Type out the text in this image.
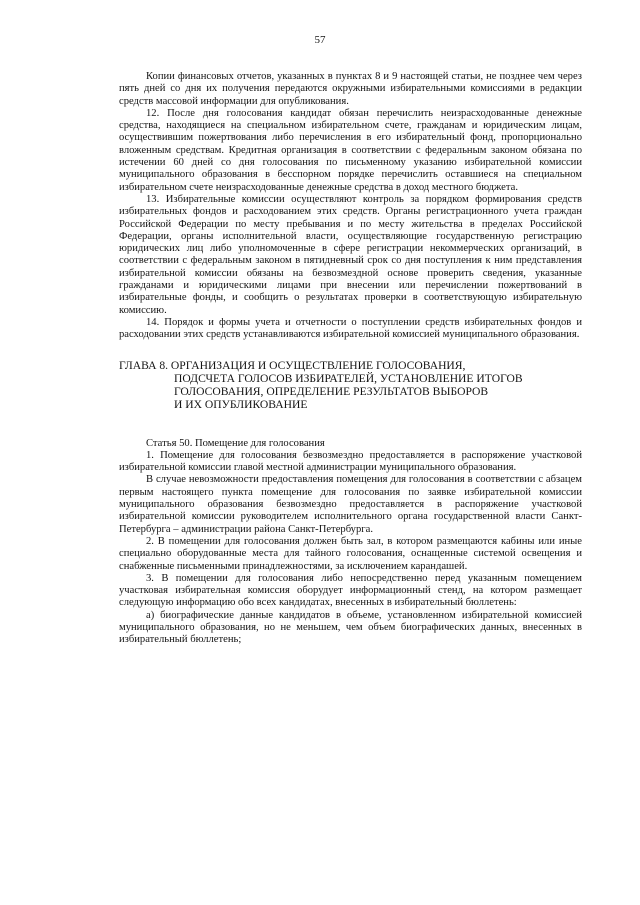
57

Копии финансовых отчетов, указанных в пунктах 8 и 9 настоящей статьи, не позднее чем через пять дней со дня их получения передаются окружными избирательными комиссиями в редакции средств массовой информации для опубликования.

12. После дня голосования кандидат обязан перечислить неизрасходованные денежные средства, находящиеся на специальном избирательном счете, гражданам и юридическим лицам, осуществившим пожертвования либо перечисления в его избирательный фонд, пропорционально вложенным средствам. Кредитная организация в соответствии с федеральным законом обязана по истечении 60 дней со дня голосования по письменному указанию избирательной комиссии муниципального образования в бесспорном порядке перечислить оставшиеся на специальном избирательном счете неизрасходованные денежные средства в доход местного бюджета.

13. Избирательные комиссии осуществляют контроль за порядком формирования средств избирательных фондов и расходованием этих средств. Органы регистрационного учета граждан Российской Федерации по месту пребывания и по месту жительства в пределах Российской Федерации, органы исполнительной власти, осуществляющие государственную регистрацию юридических лиц либо уполномоченные в сфере регистрации некоммерческих организаций, в соответствии с федеральным законом в пятидневный срок со дня поступления к ним представления избирательной комиссии обязаны на безвозмездной основе проверить сведения, указанные гражданами и юридическими лицами при внесении или перечислении пожертвований в избирательные фонды, и сообщить о результатах проверки в соответствующую избирательную комиссию.

14. Порядок и формы учета и отчетности о поступлении средств избирательных фондов и расходовании этих средств устанавливаются избирательной комиссией муниципального образования.

ГЛАВА 8. ОРГАНИЗАЦИЯ И ОСУЩЕСТВЛЕНИЕ ГОЛОСОВАНИЯ,
ПОДСЧЕТА ГОЛОСОВ ИЗБИРАТЕЛЕЙ, УСТАНОВЛЕНИЕ ИТОГОВ
ГОЛОСОВАНИЯ, ОПРЕДЕЛЕНИЕ РЕЗУЛЬТАТОВ ВЫБОРОВ
И ИХ ОПУБЛИКОВАНИЕ

Статья 50. Помещение для голосования

1. Помещение для голосования безвозмездно предоставляется в распоряжение участковой избирательной комиссии главой местной администрации муниципального образования.

В случае невозможности предоставления помещения для голосования в соответствии с абзацем первым настоящего пункта помещение для голосования по заявке избирательной комиссии муниципального образования безвозмездно предоставляется в распоряжение участковой избирательной комиссии руководителем исполнительного органа государственной власти Санкт-Петербурга – администрации района Санкт-Петербурга.

2. В помещении для голосования должен быть зал, в котором размещаются кабины или иные специально оборудованные места для тайного голосования, оснащенные системой освещения и снабженные письменными принадлежностями, за исключением карандашей.

3. В помещении для голосования либо непосредственно перед указанным помещением участковая избирательная комиссия оборудует информационный стенд, на котором размещает следующую информацию обо всех кандидатах, внесенных в избирательный бюллетень:

а) биографические данные кандидатов в объеме, установленном избирательной комиссией муниципального образования, но не меньшем, чем объем биографических данных, внесенных в избирательный бюллетень;
